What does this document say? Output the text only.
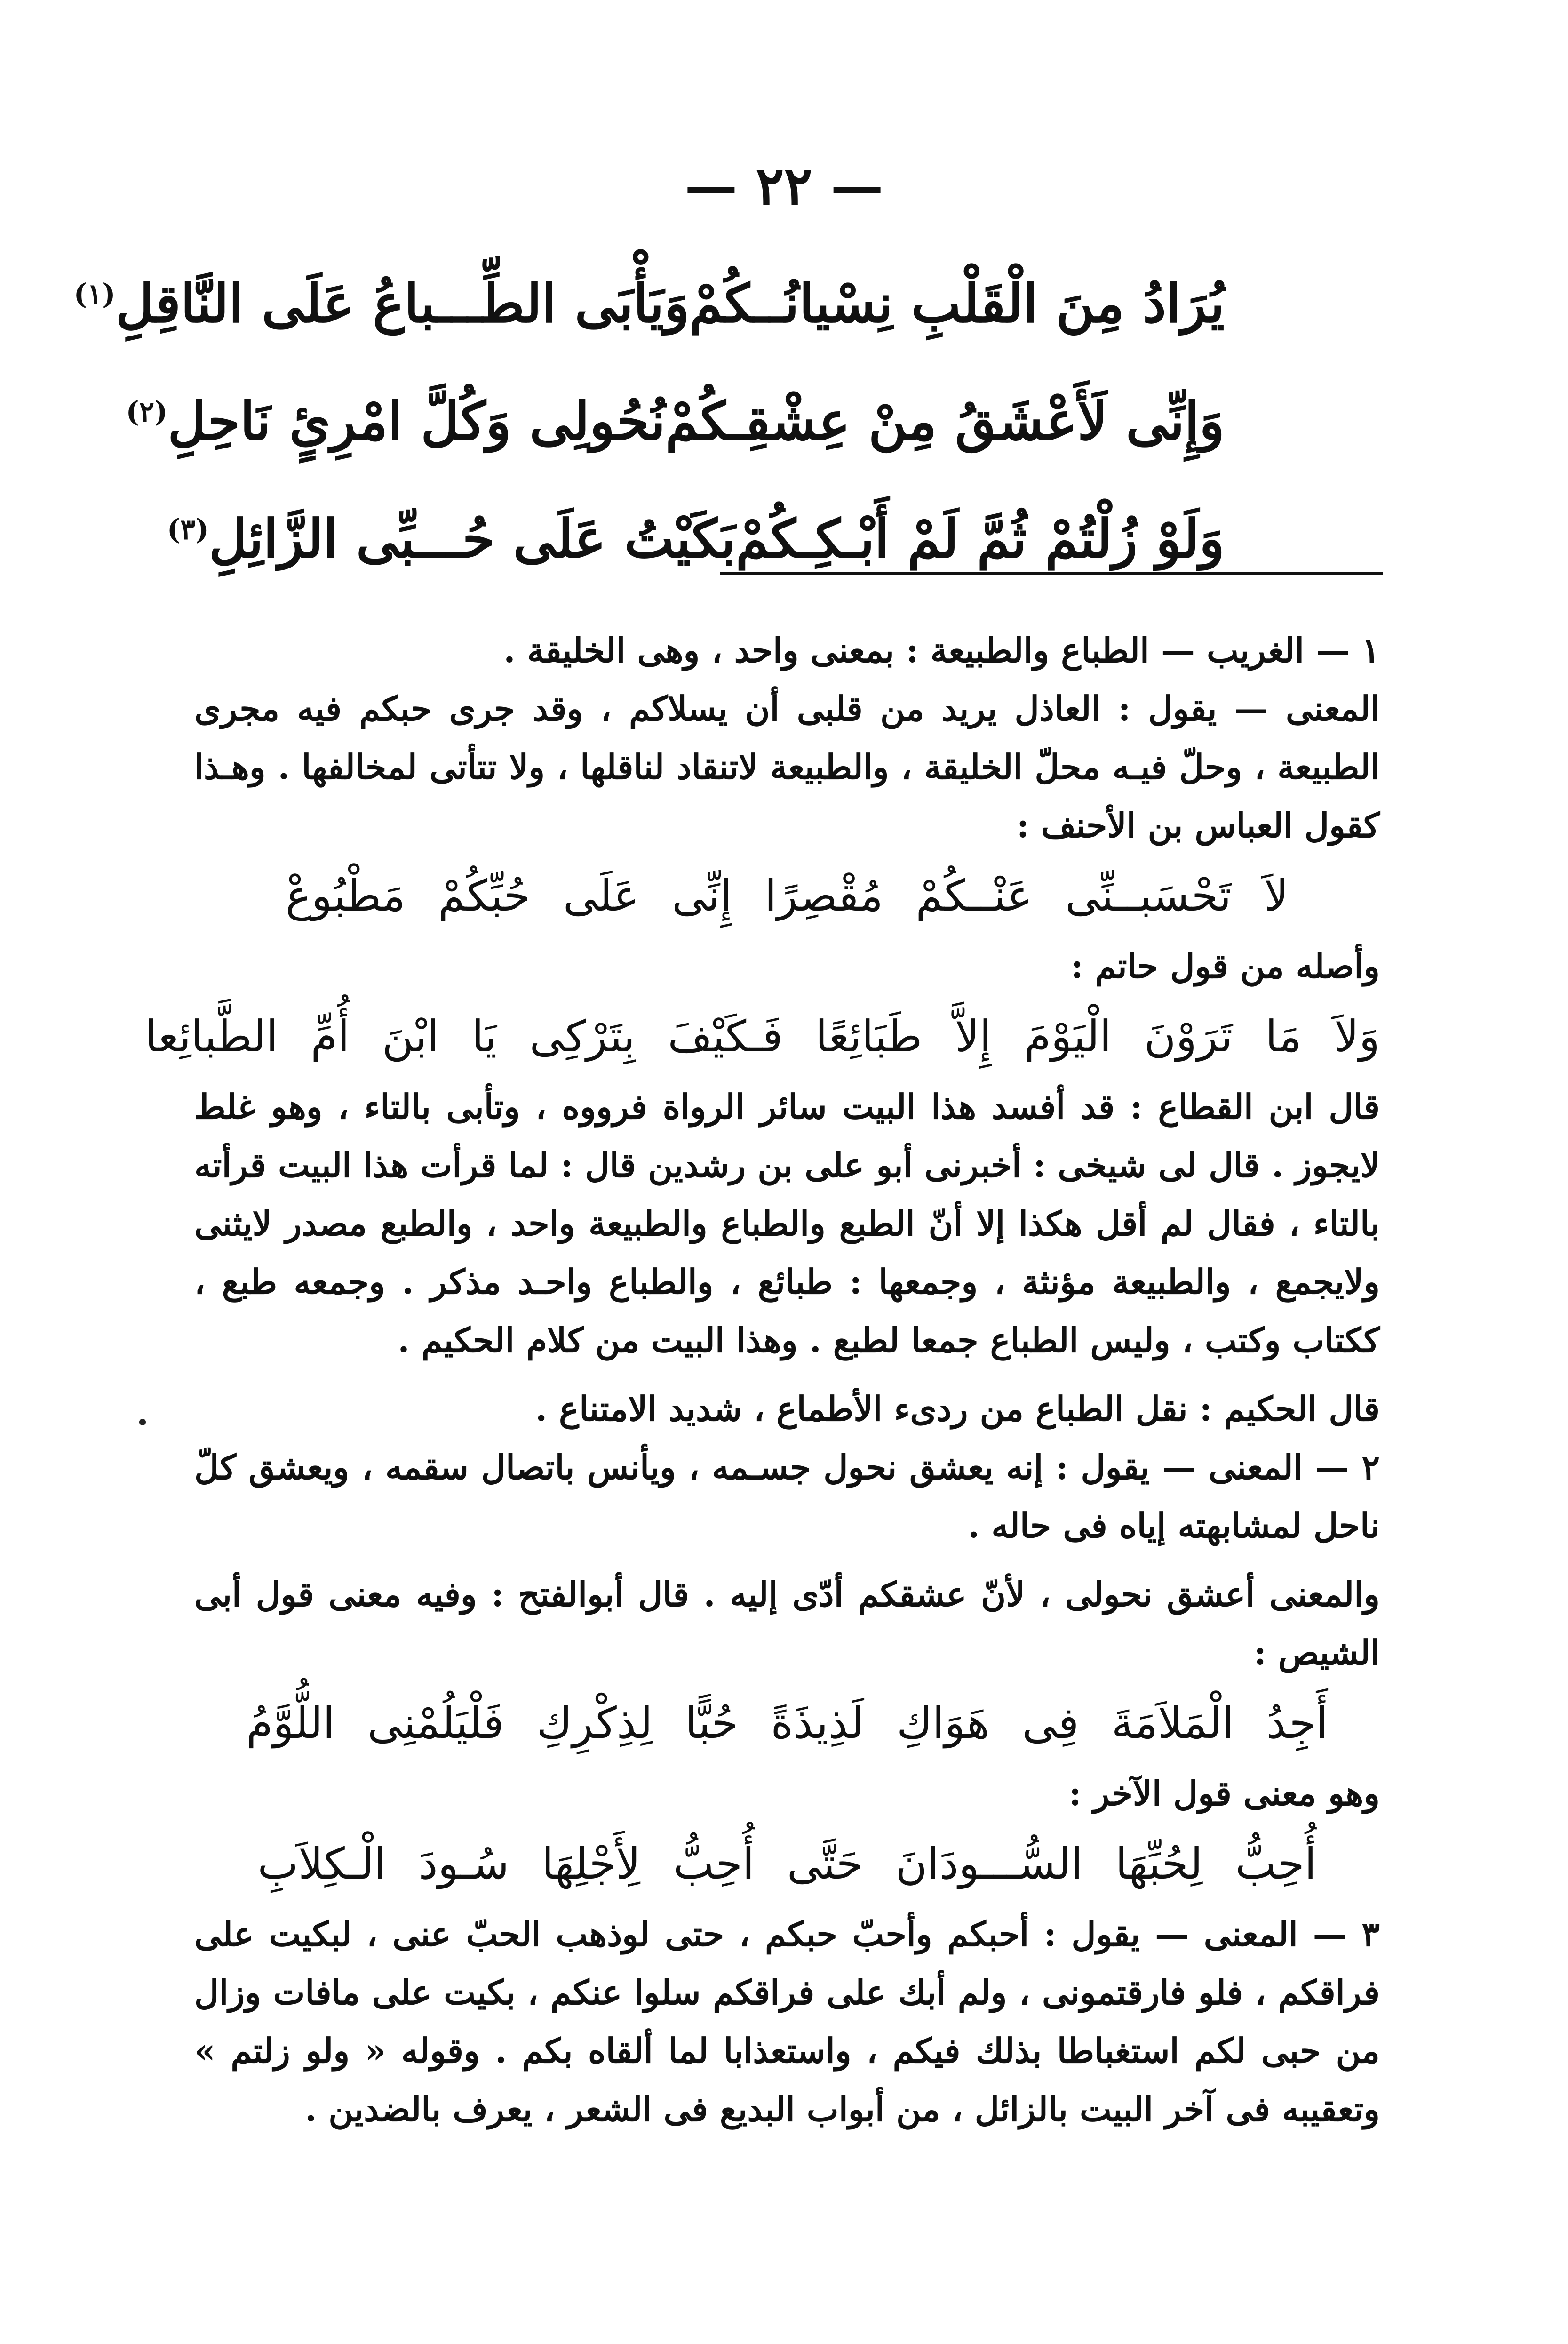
— ٢٢ —
يُرَادُ مِنَ الْقَلْبِ نِسْيانُــكُمْ
وَيَأْبَى الطِّـــباعُ عَلَى النَّاقِلِ$^{(١)}$
وَإِنِّى لَأَعْشَقُ مِنْ عِشْقِـكُمْ
نُحُولِى وَكُلَّ امْرِئٍ نَاحِلِ$^{(٢)}$
وَلَوْ زُلْتُمْ ثُمَّ لَمْ أَبْـكِـكُمْ
بَكَيْتُ عَلَى حُـــبِّى الزَّائِلِ$^{(٣)}$

١ — الغريب — الطباع والطبيعة : بمعنى واحد ، وهى الخليقة .

المعنى — يقول : العاذل يريد من قلبى أن يسلاكم ، وقد جرى حبكم فيه مجرى الطبيعة ، وحلّ فيـه محلّ الخليقة ، والطبيعة لاتنقاد لناقلها ، ولا تتأتى لمخالفها . وهـذا كقول العباس بن الأحنف :

لاَ تَحْسَبــنِّى عَنْــكُمْ مُقْصِرًا إِنِّى عَلَى حُبِّكُمْ مَطْبُوعْ

وأصله من قول حاتم :

وَلاَ مَا تَرَوْنَ الْيَوْمَ إِلاَّ طَبَائِعًا فَـكَيْفَ بِتَرْكِى يَا ابْنَ أُمِّ الطَّبائِعا

قال ابن القطاع : قد أفسد هذا البيت سائر الرواة فرووه ، وتأبى بالتاء ، وهو غلط لايجوز . قال لى شيخى : أخبرنى أبو على بن رشدين قال : لما قرأت هذا البيت قرأته بالتاء ، فقال لم أقل هكذا إلا أنّ الطبع والطباع والطبيعة واحد ، والطبع مصدر لايثنى ولايجمع ، والطبيعة مؤنثة ، وجمعها : طبائع ، والطباع واحـد مذكر . وجمعه طبع ، ككتاب وكتب ، وليس الطباع جمعا لطبع . وهذا البيت من كلام الحكيم .

قال الحكيم : نقل الطباع من ردىء الأطماع ، شديد الامتناع .

٢ — المعنى — يقول : إنه يعشق نحول جسـمه ، ويأنس باتصال سقمه ، ويعشق كلّ ناحل لمشابهته إياه فى حاله .

والمعنى أعشق نحولى ، لأنّ عشقكم أدّى إليه . قال أبوالفتح : وفيه معنى قول أبى الشيص :

أَجِدُ الْمَلاَمَةَ فِى هَوَاكِ لَذِيذَةً حُبًّا لِذِكْرِكِ فَلْيَلُمْنِى اللُّوَّمُ

وهو معنى قول الآخر :

أُحِبُّ لِحُبِّهَا السُّـــودَانَ حَتَّى أُحِبُّ لِأَجْلِهَا سُـودَ الْـكِلاَبِ

٣ — المعنى — يقول : أحبكم وأحبّ حبكم ، حتى لوذهب الحبّ عنى ، لبكيت على فراقكم ، فلو فارقتمونى ، ولم أبك على فراقكم سلوا عنكم ، بكيت على مافات وزال من حبى لكم استغباطا بذلك فيكم ، واستعذابا لما ألقاه بكم . وقوله « ولو زلتم » وتعقيبه فى آخر البيت بالزائل ، من أبواب البديع فى الشعر ، يعرف بالضدين .
